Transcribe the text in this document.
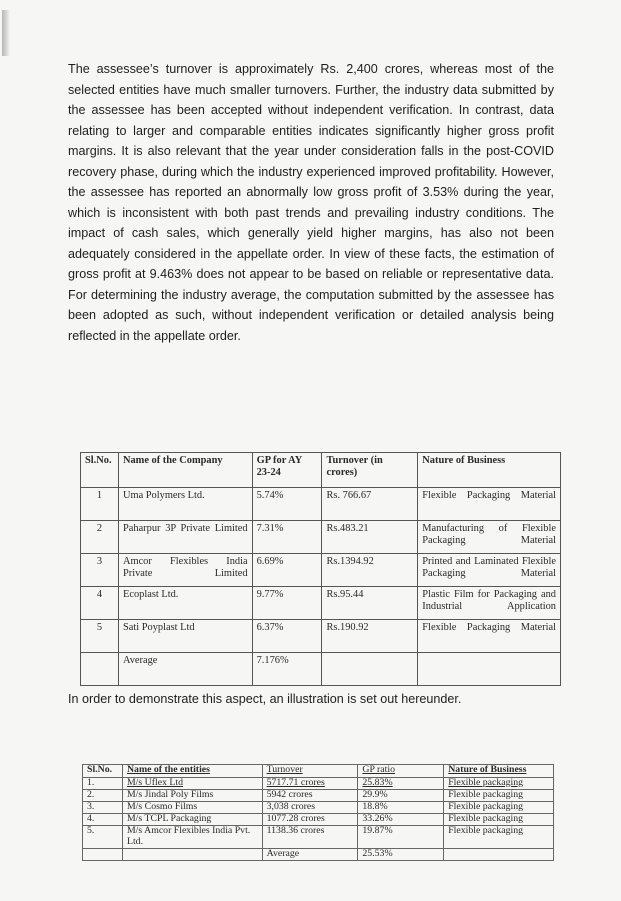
The assessee’s turnover is approximately Rs. 2,400 crores, whereas most of the selected entities have much smaller turnovers. Further, the industry data submitted by the assessee has been accepted without independent verification. In contrast, data relating to larger and comparable entities indicates significantly higher gross profit margins. It is also relevant that the year under consideration falls in the post-COVID recovery phase, during which the industry experienced improved profitability. However, the assessee has reported an abnormally low gross profit of 3.53% during the year, which is inconsistent with both past trends and prevailing industry conditions. The impact of cash sales, which generally yield higher margins, has also not been adequately considered in the appellate order. In view of these facts, the estimation of gross profit at 9.463% does not appear to be based on reliable or representative data. For determining the industry average, the computation submitted by the assessee has been adopted as such, without independent verification or detailed analysis being reflected in the appellate order.

Sl.No.	Name of the Company	GP for AY 23-24	Turnover (in crores)	Nature of Business
1	Uma Polymers Ltd.	5.74%	Rs. 766.67	Flexible Packaging Material
2	Paharpur 3P Private Limited	7.31%	Rs.483.21	Manufacturing of Flexible Packaging Material
3	Amcor Flexibles India Private Limited	6.69%	Rs.1394.92	Printed and Laminated Flexible Packaging Material
4	Ecoplast Ltd.	9.77%	Rs.95.44	Plastic Film for Packaging and Industrial Application
5	Sati Poyplast Ltd	6.37%	Rs.190.92	Flexible Packaging Material
	Average	7.176%		

In order to demonstrate this aspect, an illustration is set out hereunder.

Sl.No.	Name of the entities	Turnover	GP ratio	Nature of Business
1.	M/s Uflex Ltd	5717.71 crores	25.83%	Flexible packaging
2.	M/s Jindal Poly Films	5942 crores	29.9%	Flexible packaging
3.	M/s Cosmo Films	3,038 crores	18.8%	Flexible packaging
4.	M/s TCPL Packaging	1077.28 crores	33.26%	Flexible packaging
5.	M/s Amcor Flexibles India Pvt. Ltd.	1138.36 crores	19.87%	Flexible packaging
		Average	25.53%	
